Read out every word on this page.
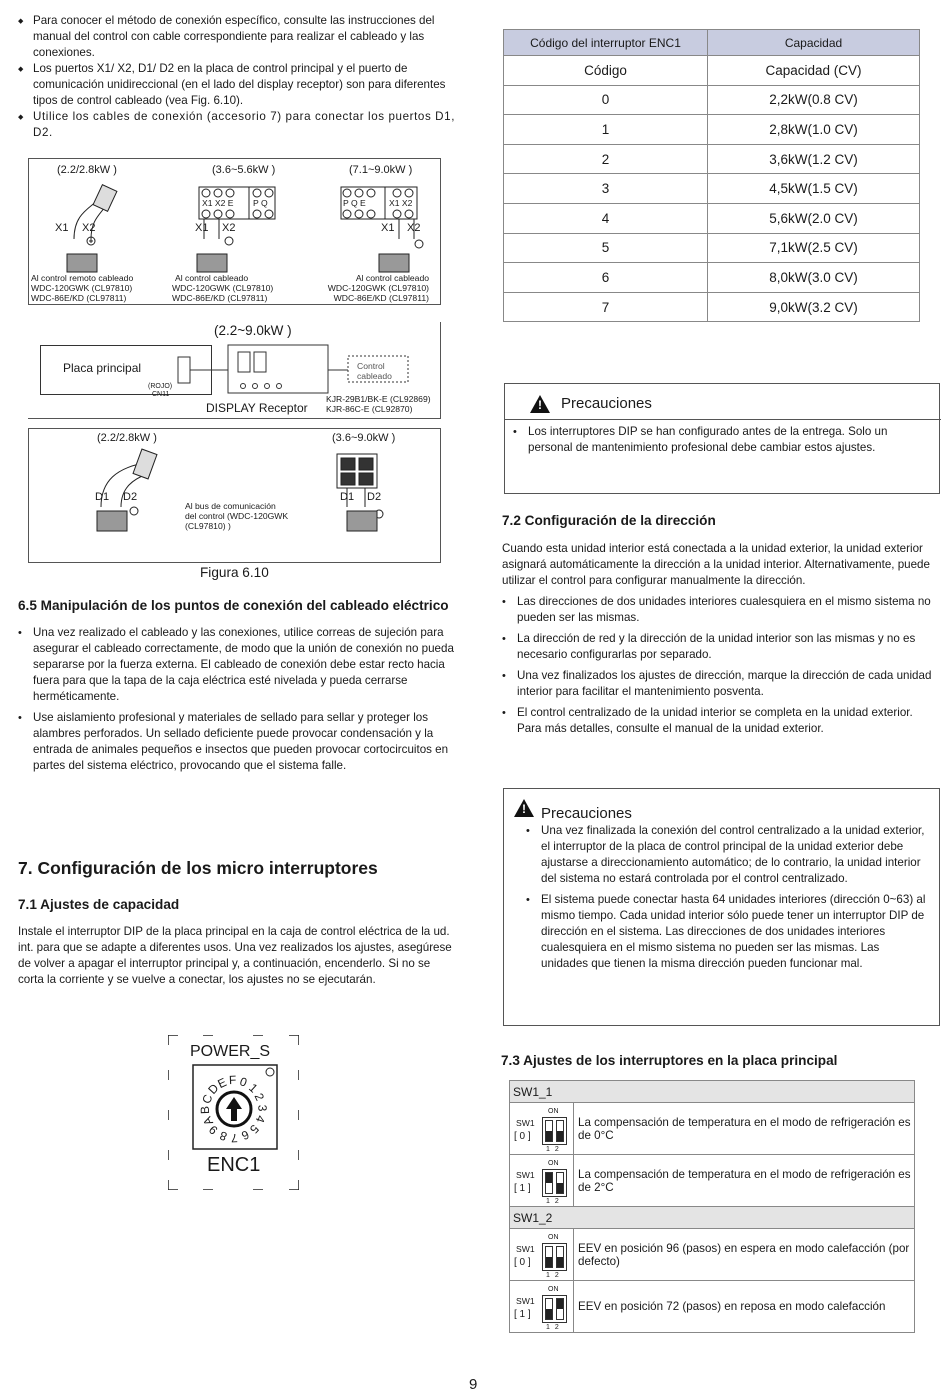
◆ Para conocer el método de conexión específico, consulte las instrucciones del manual del control con cable correspondiente para realizar el cableado y las conexiones.
◆ Los puertos X1/ X2, D1/ D2 en la placa de control principal y el puerto de comunicación unidireccional (en el lado del display receptor) son para diferentes tipos de control cableado (vea Fig. 6.10).
◆ Utilice los cables de conexión (accesorio 7) para conectar los puertos D1, D2.
(2.2/2.8kW )	(3.6~5.6kW )	(7.1~9.0kW )
X1 X2 E P Q	P Q E	X1 X2
X1 X2	X1 X2	X1 X2
Al control remoto cableado
WDC-120GWK (CL97810)
WDC-86E/KD (CL97811)
Al control cableado
WDC-120GWK (CL97810)
WDC-86E/KD (CL97811)
Al control cableado
WDC-120GWK (CL97810)
WDC-86E/KD (CL97811)
(2.2~9.0kW )
Placa principal
(ROJO)
CN11
DISPLAY Receptor
Control
cableado
KJR-29B1/BK-E (CL92869)
KJR-86C-E (CL92870)
(2.2/2.8kW )	(3.6~9.0kW )
D1 D2	D1 D2
Al bus de comunicación
del control (WDC-120GWK
(CL97810) )
Figura 6.10
6.5 Manipulación de los puntos de conexión del cableado eléctrico
• Una vez realizado el cableado y las conexiones, utilice correas de sujeción para asegurar el cableado correctamente, de modo que la unión de conexión no pueda separarse por la fuerza externa. El cableado de conexión debe estar recto hacia fuera para que la tapa de la caja eléctrica esté nivelada y pueda cerrarse herméticamente.
• Use aislamiento profesional y materiales de sellado para sellar y proteger los alambres perforados. Un sellado deficiente puede provocar condensación y la entrada de animales pequeños e insectos que pueden provocar cortocircuitos en partes del sistema eléctrico, provocando que el sistema falle.
7. Configuración de los micro interruptores
7.1 Ajustes de capacidad
Instale el interruptor DIP de la placa principal en la caja de control eléctrica de la ud. int. para que se adapte a diferentes usos. Una vez realizados los ajustes, asegúrese de volver a apagar el interruptor principal y, a continuación, encenderlo. Si no se corta la corriente y se vuelve a conectar, los ajustes no se ejecutarán.
POWER_S
ENC1
0
1
2
3
4
5
6
7
8
9
A
B
C
D
E F
Código del interruptor ENC1	Capacidad
Código	Capacidad (CV)
0	2,2kW(0.8 CV)
1	2,8kW(1.0 CV)
2	3,6kW(1.2 CV)
3	4,5kW(1.5 CV)
4	5,6kW(2.0 CV)
5	7,1kW(2.5 CV)
6	8,0kW(3.0 CV)
7	9,0kW(3.2 CV)
!
Precauciones
• Los interruptores DIP se han configurado antes de la entrega. Solo un personal de mantenimiento profesional debe cambiar estos ajustes.
7.2 Configuración de la dirección
Cuando esta unidad interior está conectada a la unidad exterior, la unidad exterior asignará automáticamente la dirección a la unidad interior. Alternativamente, puede utilizar el control para configurar manualmente la dirección.
• Las direcciones de dos unidades interiores cualesquiera en el mismo sistema no pueden ser las mismas.
• La dirección de red y la dirección de la unidad interior son las mismas y no es necesario configurarlas por separado.
• Una vez finalizados los ajustes de dirección, marque la dirección de cada unidad interior para facilitar el mantenimiento posventa.
• El control centralizado de la unidad interior se completa en la unidad exterior. Para más detalles, consulte el manual de la unidad exterior.
!
Precauciones
• Una vez finalizada la conexión del control centralizado a la unidad exterior, el interruptor de la placa de control principal de la unidad exterior debe ajustarse a direccionamiento automático; de lo contrario, la unidad interior del sistema no estará controlada por el control centralizado.
• El sistema puede conectar hasta 64 unidades interiores (dirección 0~63) al mismo tiempo. Cada unidad interior sólo puede tener un interruptor DIP de dirección en el sistema. Las direcciones de dos unidades interiores cualesquiera en el mismo sistema no pueden ser las mismas. Las unidades que tienen la misma dirección pueden funcionar mal.
7.3 Ajustes de los interruptores en la placa principal
SW1_1	

SW1
[ 0 ]
ON
12	La compensación de temperatura en el modo de refrigeración es de 0°C

SW1
[ 1 ]
ON
12	La compensación de temperatura en el modo de refrigeración es de 2°C
SW1_2	

SW1
[ 0 ]
ON
12	EEV en posición 96 (pasos) en espera en modo calefacción (por defecto)

SW1
[ 1 ]
ON
12	EEV en posición 72 (pasos) en reposa en modo calefacción
9
